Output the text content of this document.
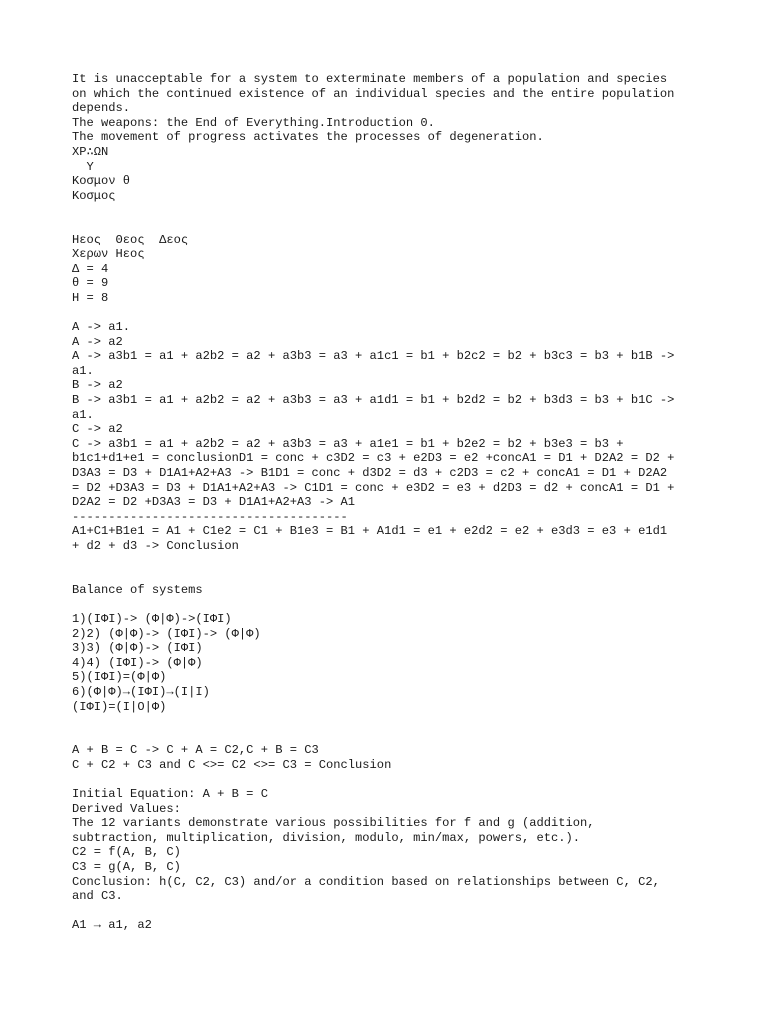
It is unacceptable for a system to exterminate members of a population and species
on which the continued existence of an individual species and the entire population
depends.
The weapons: the End of Everything.Introduction 0.
The movement of progress activates the processes of degeneration.
ΧΡ∴ΩΝ
Υ
Κοσμον θ
Κοσμος
Ηεος  Θεος  Δεος
Χερων Ηεος
Δ = 4
θ = 9
Η = 8
A -> a1.
A -> a2
A -> a3b1 = a1 + a2b2 = a2 + a3b3 = a3 + a1c1 = b1 + b2c2 = b2 + b3c3 = b3 + b1B ->
a1.
B -> a2
B -> a3b1 = a1 + a2b2 = a2 + a3b3 = a3 + a1d1 = b1 + b2d2 = b2 + b3d3 = b3 + b1C ->
a1.
C -> a2
C -> a3b1 = a1 + a2b2 = a2 + a3b3 = a3 + a1e1 = b1 + b2e2 = b2 + b3e3 = b3 +
b1c1+d1+e1 = conclusionD1 = conc + c3D2 = c3 + e2D3 = e2 +concA1 = D1 + D2A2 = D2 +
D3A3 = D3 + D1A1+A2+A3 -> B1D1 = conc + d3D2 = d3 + c2D3 = c2 + concA1 = D1 + D2A2
= D2 +D3A3 = D3 + D1A1+A2+A3 -> C1D1 = conc + e3D2 = e3 + d2D3 = d2 + concA1 = D1 +
D2A2 = D2 +D3A3 = D3 + D1A1+A2+A3 -> A1
--------------------------------------
A1+C1+B1e1 = A1 + C1e2 = C1 + B1e3 = B1 + A1d1 = e1 + e2d2 = e2 + e3d3 = e3 + e1d1
+ d2 + d3 -> Conclusion
Balance of systems
1)(IΦI)-> (Φ|Φ)->(IΦI)
2)2) (Φ|Φ)-> (IΦI)-> (Φ|Φ)
3)3) (Φ|Φ)-> (IΦI)
4)4) (IΦI)-> (Φ|Φ)
5)(IΦI)=(Φ|Φ)
6)(Φ|Φ)→(IΦI)→(I|I)
(IΦI)=(I|O|Φ)
A + B = C -> C + A = C2,C + B = C3
C + C2 + C3 and C <>= C2 <>= C3 = Conclusion
Initial Equation: A + B = C
Derived Values:
The 12 variants demonstrate various possibilities for f and g (addition,
subtraction, multiplication, division, modulo, min/max, powers, etc.).
C2 = f(A, B, C)
C3 = g(A, B, C)
Conclusion: h(C, C2, C3) and/or a condition based on relationships between C, C2,
and C3.
A1 → a1, a2
